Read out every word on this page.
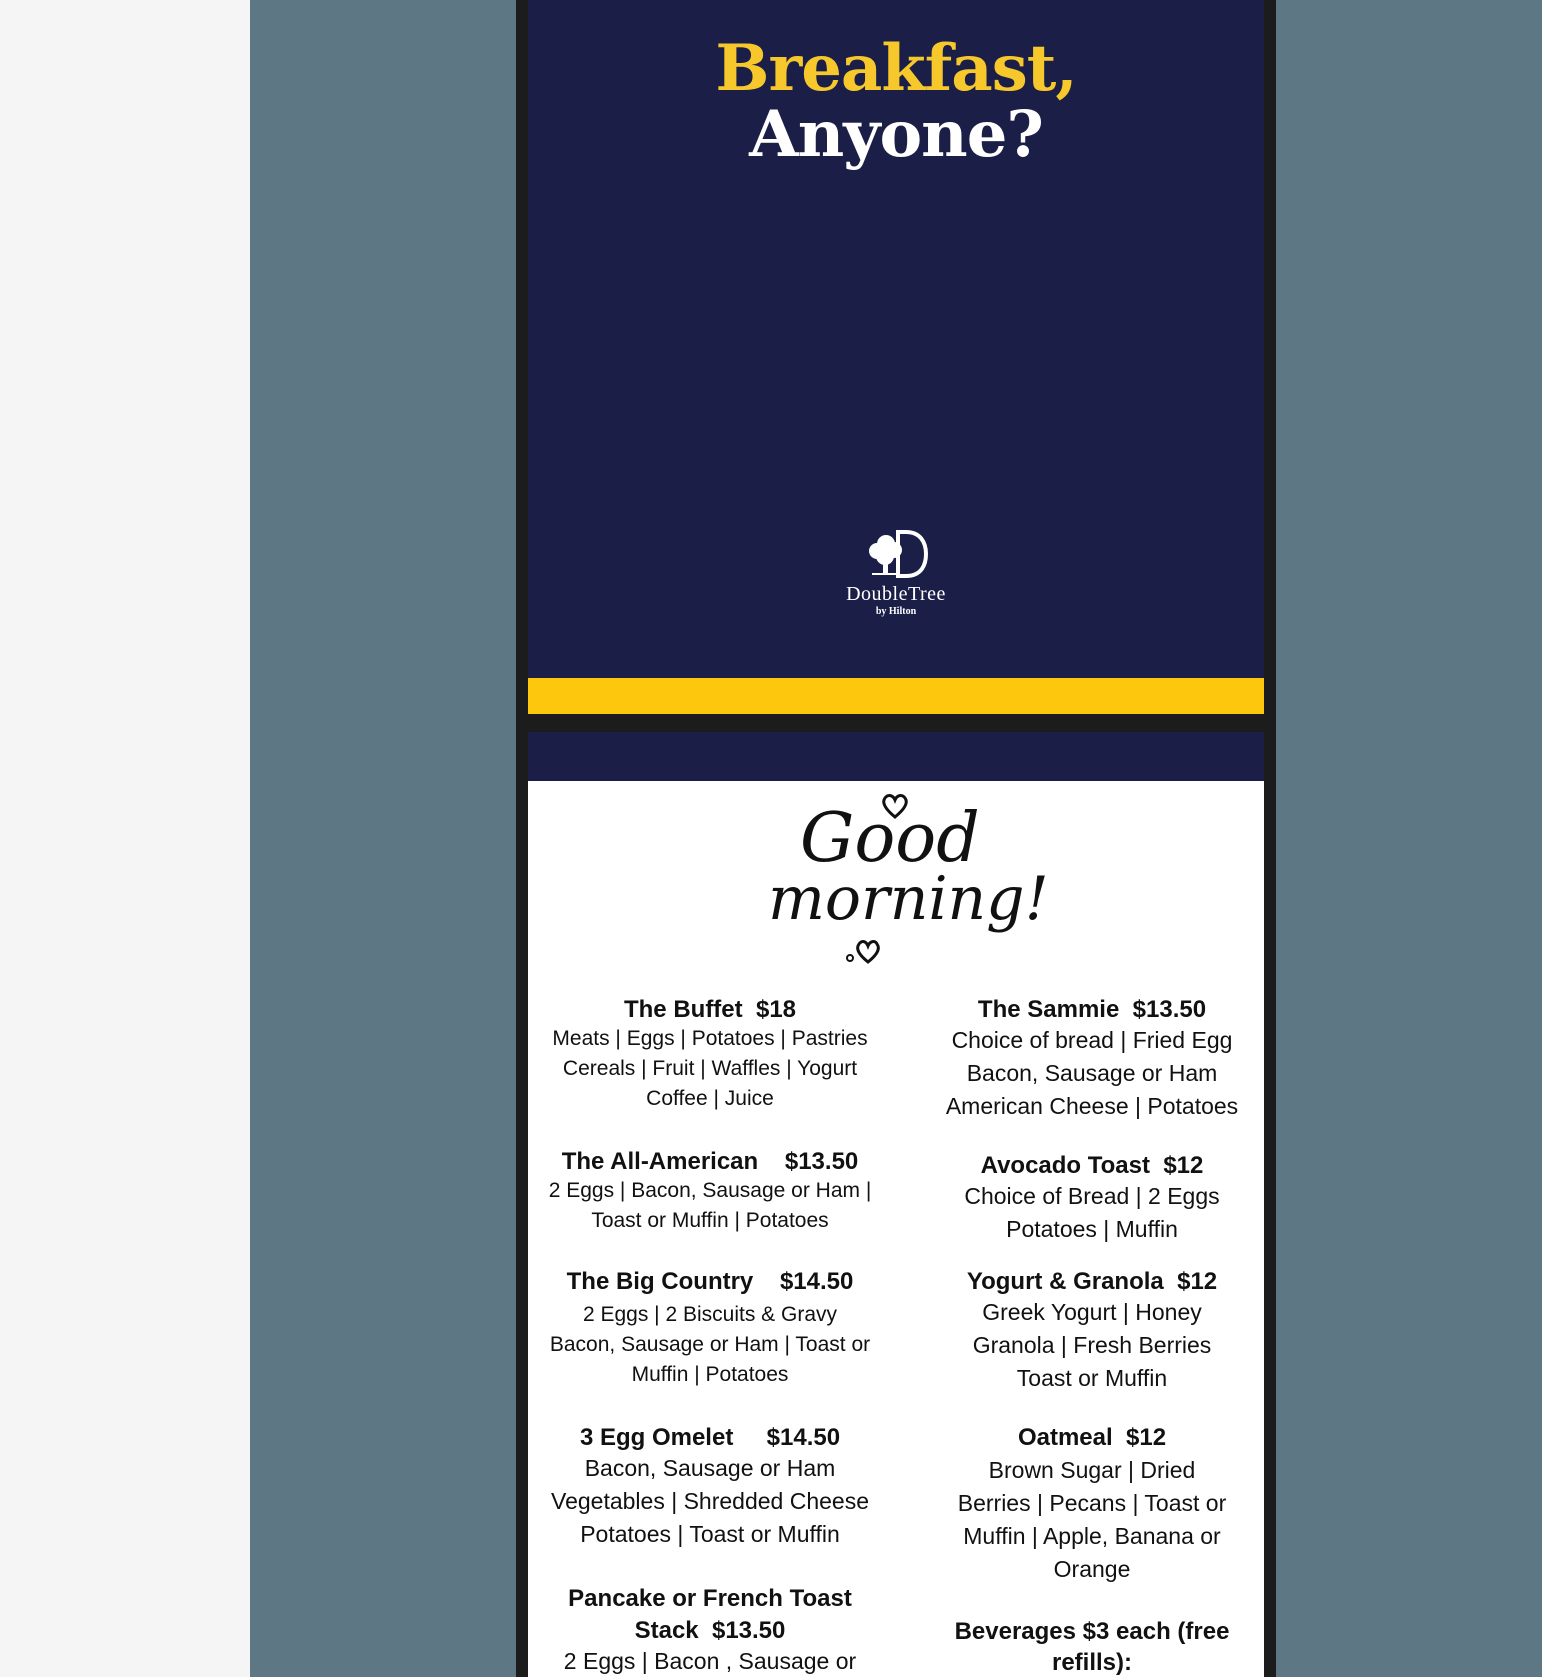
Breakfast,
Anyone?
DoubleTree
by Hilton
Good
morning!
The Buffet  $18
Meats | Eggs | Potatoes | Pastries
Cereals | Fruit | Waffles | Yogurt
Coffee | Juice
The All-American    $13.50
2 Eggs | Bacon, Sausage or Ham |
Toast or Muffin | Potatoes
The Big Country    $14.50
2 Eggs | 2 Biscuits & Gravy
Bacon, Sausage or Ham | Toast or
Muffin | Potatoes
3 Egg Omelet     $14.50
Bacon, Sausage or Ham
Vegetables | Shredded Cheese
Potatoes | Toast or Muffin
Pancake or French Toast
Stack  $13.50
2 Eggs | Bacon , Sausage or
The Sammie  $13.50
Choice of bread | Fried Egg
Bacon, Sausage or Ham
American Cheese | Potatoes
Avocado Toast  $12
Choice of Bread | 2 Eggs
Potatoes | Muffin
Yogurt & Granola  $12
Greek Yogurt | Honey
Granola | Fresh Berries
Toast or Muffin
Oatmeal  $12
Brown Sugar | Dried
Berries | Pecans | Toast or
Muffin | Apple, Banana or
Orange
Beverages $3 each (free
refills):
